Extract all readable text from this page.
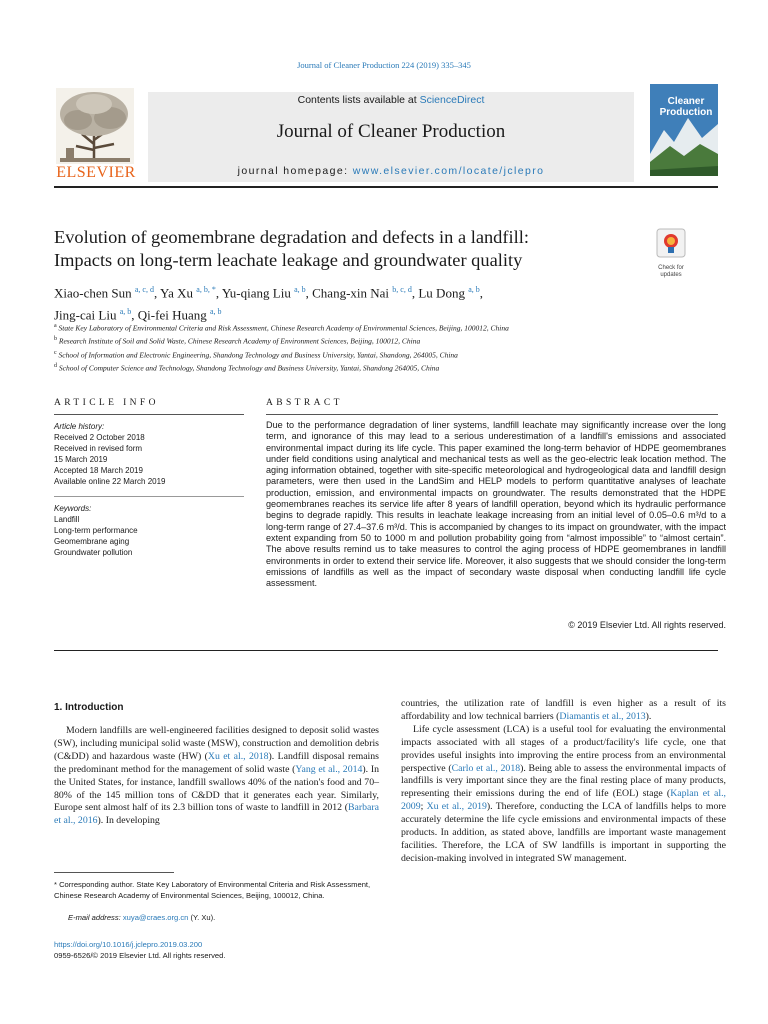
Journal of Cleaner Production 224 (2019) 335–345
ELSEVIER
Contents lists available at ScienceDirect
Journal of Cleaner Production
journal homepage: www.elsevier.com/locate/jclepro
Cleaner
Production
Evolution of geomembrane degradation and defects in a landfill:
Impacts on long-term leachate leakage and groundwater quality	Check for updates
Xiao-chen Sun $^{a, c, d}$, Ya Xu $^{a, b, *}$, Yu-qiang Liu $^{a, b}$, Chang-xin Nai $^{b, c, d}$, Lu Dong $^{a, b}$,
Jing-cai Liu $^{a, b}$, Qi-fei Huang $^{a, b}$
$^a$ State Key Laboratory of Environmental Criteria and Risk Assessment, Chinese Research Academy of Environmental Sciences, Beijing, 100012, China
$^b$ Research Institute of Soil and Solid Waste, Chinese Research Academy of Environment Sciences, Beijing, 100012, China
$^c$ School of Information and Electronic Engineering, Shandong Technology and Business University, Yantai, Shandong, 264005, China
$^d$ School of Computer Science and Technology, Shandong Technology and Business University, Yantai, Shandong 264005, China
ARTICLE INFO	ABSTRACT
Article history:
Received 2 October 2018
Received in revised form
15 March 2019
Accepted 18 March 2019
Available online 22 March 2019
Keywords:
Landfill
Long-term performance
Geomembrane aging
Groundwater pollution
Due to the performance degradation of liner systems, landfill leachate may significantly increase over the long term, and ignorance of this may lead to a serious underestimation of a landfill's emissions and associated environmental impact during its life cycle. This paper examined the long-term behavior of HDPE geomembranes under field conditions using analytical and mechanical tests as well as the geo-electric leak location method. The aging information obtained, together with site-specific meteorological and hydrogeological data and landfill design parameters, were then used in the LandSim and HELP models to perform quantitative analyses of leachate production, emission, and environmental impacts on groundwater. The results demonstrated that the HDPE geomembranes reaches its service life after 8 years of landfill operation, beyond which its hydraulic performance begins to degrade rapidly. This results in leachate leakage increasing from an initial level of 0.05–0.6 m³/d to a long-term range of 27.4–37.6 m³/d. This is accompanied by changes to its impact on groundwater, with the impact extent expanding from 50 to 1000 m and pollution probability going from “almost impossible” to “almost certain”. The above results remind us to take measures to control the aging process of HDPE geomembranes in landfill environments in order to extend their service life. Moreover, it also suggests that we should consider the long-term emissions of landfills as well as the impact of secondary waste disposal when conducting landfill life cycle assessment.
© 2019 Elsevier Ltd. All rights reserved.
1. Introduction

Modern landfills are well-engineered facilities designed to deposit solid wastes (SW), including municipal solid waste (MSW), construction and demolition debris (C&DD) and hazardous waste (HW) (Xu et al., 2018). Landfill disposal remains the predominant method for the management of solid waste (Yang et al., 2014). In the United States, for instance, landfill swallows 40% of the nation's food and 70–80% of the 145 million tons of C&DD that it generates each year. Similarly, Europe sent almost half of its 2.3 billion tons of waste to landfill in 2012 (Barbara et al., 2016). In developing

countries, the utilization rate of landfill is even higher as a result of its affordability and low technical barriers (Diamantis et al., 2013).

Life cycle assessment (LCA) is a useful tool for evaluating the environmental impacts associated with all stages of a product/facility's life cycle, one that provides useful insights into improving the entire process from an environmental perspective (Carlo et al., 2018). Being able to assess the environmental impacts of landfills is very important since they are the final resting place of many products, representing their emissions during the end of life (EOL) stage (Kaplan et al., 2009; Xu et al., 2019). Therefore, conducting the LCA of landfills helps to more accurately determine the life cycle emissions and environmental impacts of these products. In addition, as stated above, landfills are important waste management facilities. Therefore, the LCA of SW landfills is important in supporting the decision-making involved in integrated SW management.

* Corresponding author. State Key Laboratory of Environmental Criteria and Risk Assessment, Chinese Research Academy of Environmental Sciences, Beijing, 100012, China.
E-mail address: xuya@craes.org.cn (Y. Xu).
https://doi.org/10.1016/j.jclepro.2019.03.200
0959-6526/© 2019 Elsevier Ltd. All rights reserved.
